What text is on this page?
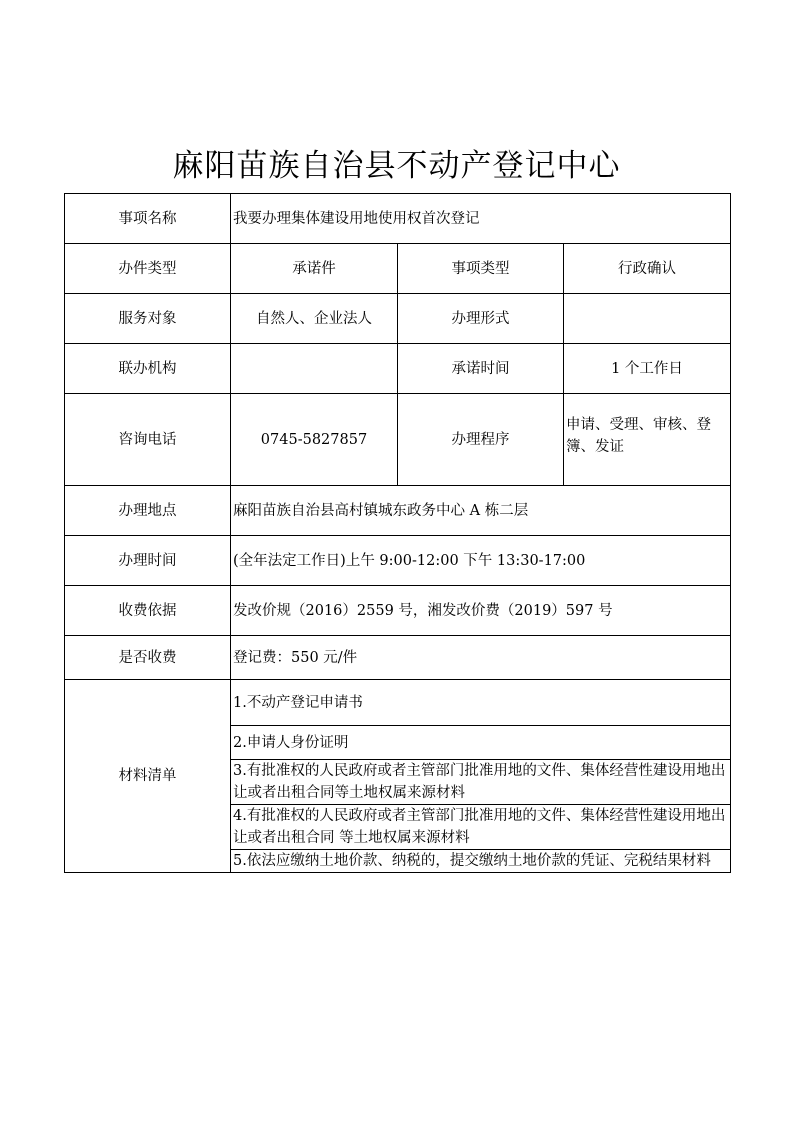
麻阳苗族自治县不动产登记中心
事项名称	我要办理集体建设用地使用权首次登记		
办件类型	承诺件	事项类型	行政确认
服务对象	自然人、企业法人	办理形式	
联办机构		承诺时间	1 个工作日
咨询电话	0745-5827857	办理程序	申请、受理、审核、登簿、发证
办理地点	麻阳苗族自治县高村镇城东政务中心 A 栋二层		
办理时间	(全年法定工作日)上午 9:00-12:00 下午 13:30-17:00		
收费依据	发改价规（2016）2559 号，湘发改价费（2019）597 号		
是否收费	登记费：550 元/件		
材料清单	1.不动产登记申请书		
	2.申请人身份证明		
	3.有批准权的人民政府或者主管部门批准用地的文件、集体经营性建设用地出让或者出租合同等土地权属来源材料		
	4.有批准权的人民政府或者主管部门批准用地的文件、集体经营性建设用地出让或者出租合同 等土地权属来源材料		
	5.依法应缴纳土地价款、纳税的，提交缴纳土地价款的凭证、完税结果材料		
